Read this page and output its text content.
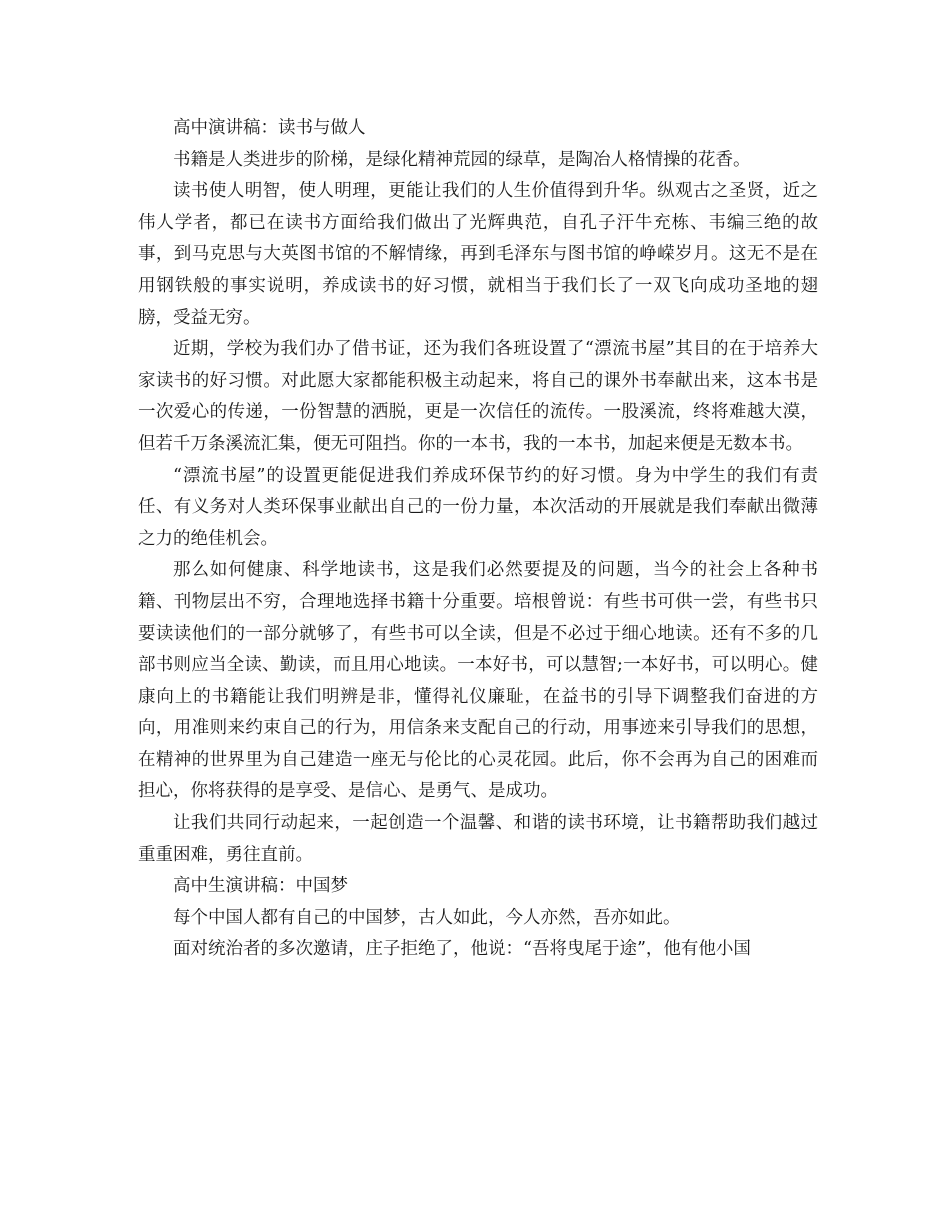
高中演讲稿：读书与做人

书籍是人类进步的阶梯，是绿化精神荒园的绿草，是陶冶人格情操的花香。

读书使人明智，使人明理，更能让我们的人生价值得到升华。纵观古之圣贤，近之伟人学者，都已在读书方面给我们做出了光辉典范，自孔子汗牛充栋、韦编三绝的故事，到马克思与大英图书馆的不解情缘，再到毛泽东与图书馆的峥嵘岁月。这无不是在用钢铁般的事实说明，养成读书的好习惯，就相当于我们长了一双飞向成功圣地的翅膀，受益无穷。

近期，学校为我们办了借书证，还为我们各班设置了“漂流书屋”其目的在于培养大家读书的好习惯。对此愿大家都能积极主动起来，将自己的课外书奉献出来，这本书是一次爱心的传递，一份智慧的洒脱，更是一次信任的流传。一股溪流，终将难越大漠，但若千万条溪流汇集，便无可阻挡。你的一本书，我的一本书，加起来便是无数本书。

“漂流书屋”的设置更能促进我们养成环保节约的好习惯。身为中学生的我们有责任、有义务对人类环保事业献出自己的一份力量，本次活动的开展就是我们奉献出微薄之力的绝佳机会。

那么如何健康、科学地读书，这是我们必然要提及的问题，当今的社会上各种书籍、刊物层出不穷，合理地选择书籍十分重要。培根曾说：有些书可供一尝，有些书只要读读他们的一部分就够了，有些书可以全读，但是不必过于细心地读。还有不多的几部书则应当全读、勤读，而且用心地读。一本好书，可以慧智;一本好书，可以明心。健康向上的书籍能让我们明辨是非，懂得礼仪廉耻，在益书的引导下调整我们奋进的方向，用准则来约束自己的行为，用信条来支配自己的行动，用事迹来引导我们的思想，在精神的世界里为自己建造一座无与伦比的心灵花园。此后，你不会再为自己的困难而担心，你将获得的是享受、是信心、是勇气、是成功。

让我们共同行动起来，一起创造一个温馨、和谐的读书环境，让书籍帮助我们越过重重困难，勇往直前。

高中生演讲稿：中国梦

每个中国人都有自己的中国梦，古人如此，今人亦然，吾亦如此。

面对统治者的多次邀请，庄子拒绝了，他说：“吾将曳尾于途”，他有他小国
